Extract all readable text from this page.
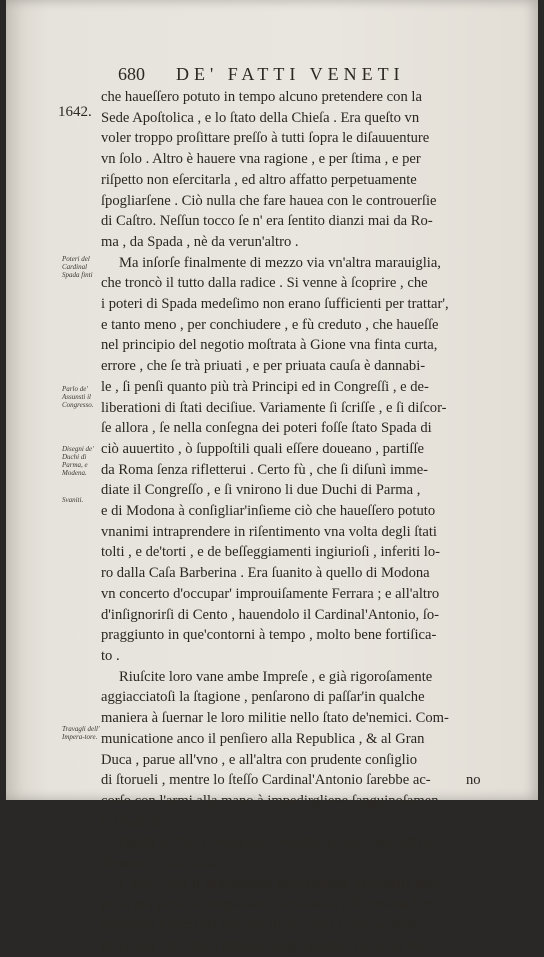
680 DE' FATTI VENETI
1642.
Poteri del Cardinal Spada finti
Parlo de' Assunsti il Congresso.
Disegni de' Duchi di Parma, e Modena.
Svaniti.
Travagli dell' Impera-tore.
che haueſſero potuto in tempo alcuno pretendere con la
Sede Apoſtolica , e lo ſtato della Chieſa . Era queſto vn
voler troppo proſittare preſſo à tutti ſopra le diſauuenture
vn ſolo . Altro è hauere vna ragione , e per ſtima , e per
riſpetto non eſercitarla , ed altro affatto perpetuamente
ſpogliarſene . Ciò nulla che fare hauea con le controuerſie
di Caſtro. Neſſun tocco ſe n' era ſentito dianzi mai da Ro-
ma , da Spada , nè da verun'altro .
Ma inſorſe finalmente di mezzo via vn'altra marauiglia,
che troncò il tutto dalla radice . Si venne à ſcoprire , che
i poteri di Spada medeſimo non erano ſufficienti per trattar',
e tanto meno , per conchiudere , e fù creduto , che haueſſe
nel principio del negotio moſtrata à Gione vna finta curta,
errore , che ſe trà priuati , e per priuata cauſa è dannabi-
le , ſi penſi quanto più trà Principi ed in Congreſſi , e de-
liberationi di ſtati deciſiue. Variamente ſi ſcriſſe , e ſi diſcor-
ſe allora , ſe nella conſegna dei poteri foſſe ſtato Spada di
ciò auuertito , ò ſuppoſtili quali eſſere doueano , partiſſe
da Roma ſenza rifletterui . Certo fù , che ſi diſunì imme-
diate il Congreſſo , e ſi vnirono li due Duchi di Parma ,
e di Modona à conſigliar'inſieme ciò che haueſſero potuto
vnanimi intraprendere in riſentimento vna volta degli ſtati
tolti , e de'torti , e de beſſeggiamenti ingiurioſi , inferiti lo-
ro dalla Caſa Barberina . Era ſuanito à quello di Modona
vn concerto d'occupar' improuiſamente Ferrara ; e all'altro
d'inſignorirſi di Cento , hauendolo il Cardinal'Antonio, ſo-
praggiunto in que'contorni à tempo , molto bene fortiſica-
to .
Riuſcite loro vane ambe Impreſe , e già rigoroſamente
aggiacciatoſi la ſtagione , penſarono di paſſar'in qualche
maniera à ſuernar le loro militie nello ſtato de'nemici. Com-
municatione anco il penſiero alla Republica , & al Gran
Duca , parue all'vno , e all'altra con prudente conſiglio
di ſtorueli , mentre lo ſteſſo Cardinal'Antonio ſarebbe ac-
corſo con l'armi alla mano à impedirgliene ſanguinoſamen-
te l'ingreſſo .
Queſte in Italia preparate conuulſioni , non però offen-
deuano la ſola Italia .
L'armi , che ſi aguzzauano mortalmente nell'iſteſſo tem-
po in più parti la conquaſſata Chriſtianità . Si trouaua l'Im-
perator'in Germania non più ſicuro nella Città medeſima
di Vienna . Era ſtato diſtrutto dagli Suedeſi vicino al Re-
no
